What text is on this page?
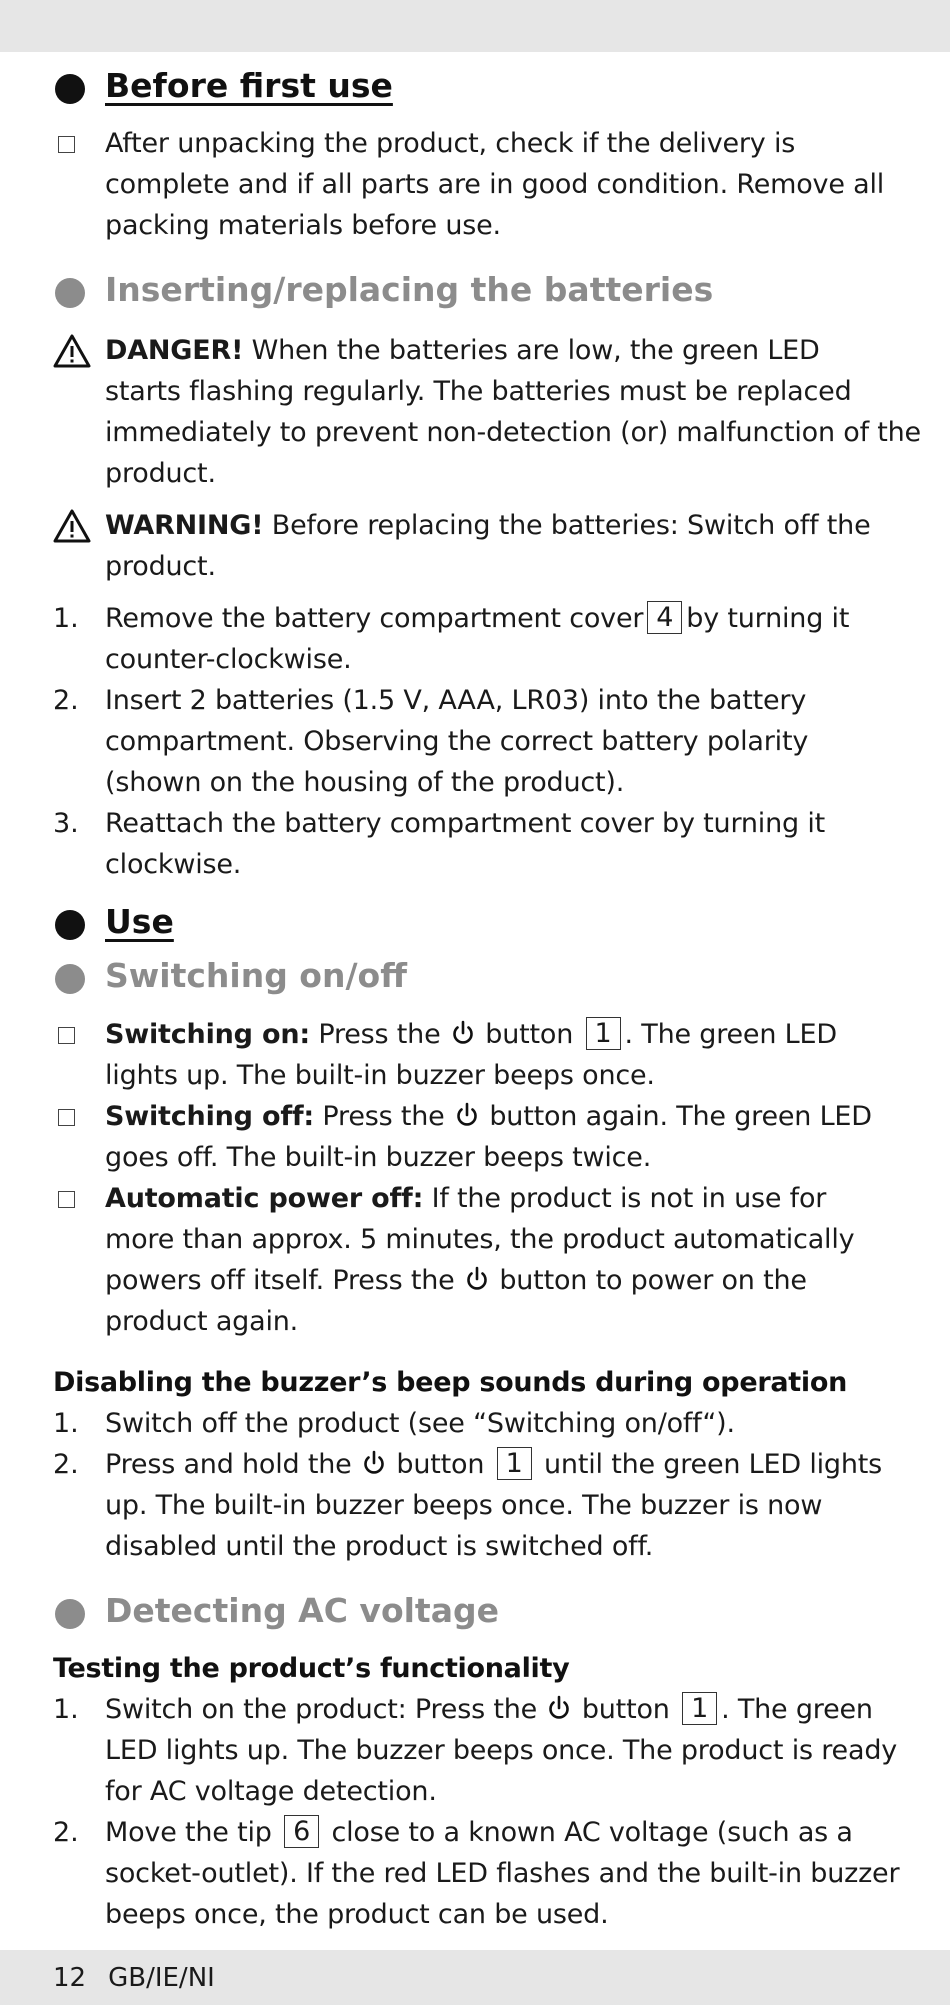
Before first use
After unpacking the product, check if the delivery is
complete and if all parts are in good condition. Remove all
packing materials before use.
Inserting/replacing the batteries
DANGER! When the batteries are low, the green LED
starts flashing regularly. The batteries must be replaced
immediately to prevent non-detection (or) malfunction of the
product.
WARNING! Before replacing the batteries: Switch off the
product.
1. Remove the battery compartment cover 4 by turning it
counter-clockwise.
2. Insert 2 batteries (1.5 V, AAA, LR03) into the battery
compartment. Observing the correct battery polarity
(shown on the housing of the product).
3. Reattach the battery compartment cover by turning it
clockwise.
Use
Switching on/off
Switching on: Press the button 1 . The green LED
lights up. The built-in buzzer beeps once.
Switching off: Press the button again. The green LED
goes off. The built-in buzzer beeps twice.
Automatic power off: If the product is not in use for
more than approx. 5 minutes, the product automatically
powers off itself. Press the button to power on the
product again.
Disabling the buzzer’s beep sounds during operation
1. Switch off the product (see “Switching on/off“).
2. Press and hold the button 1 until the green LED lights
up. The built-in buzzer beeps once. The buzzer is now
disabled until the product is switched off.
Detecting AC voltage
Testing the product’s functionality
1. Switch on the product: Press the button 1 . The green
LED lights up. The buzzer beeps once. The product is ready
for AC voltage detection.
2. Move the tip 6 close to a known AC voltage (such as a
socket-outlet). If the red LED flashes and the built-in buzzer
beeps once, the product can be used.
12 GB/IE/NI
